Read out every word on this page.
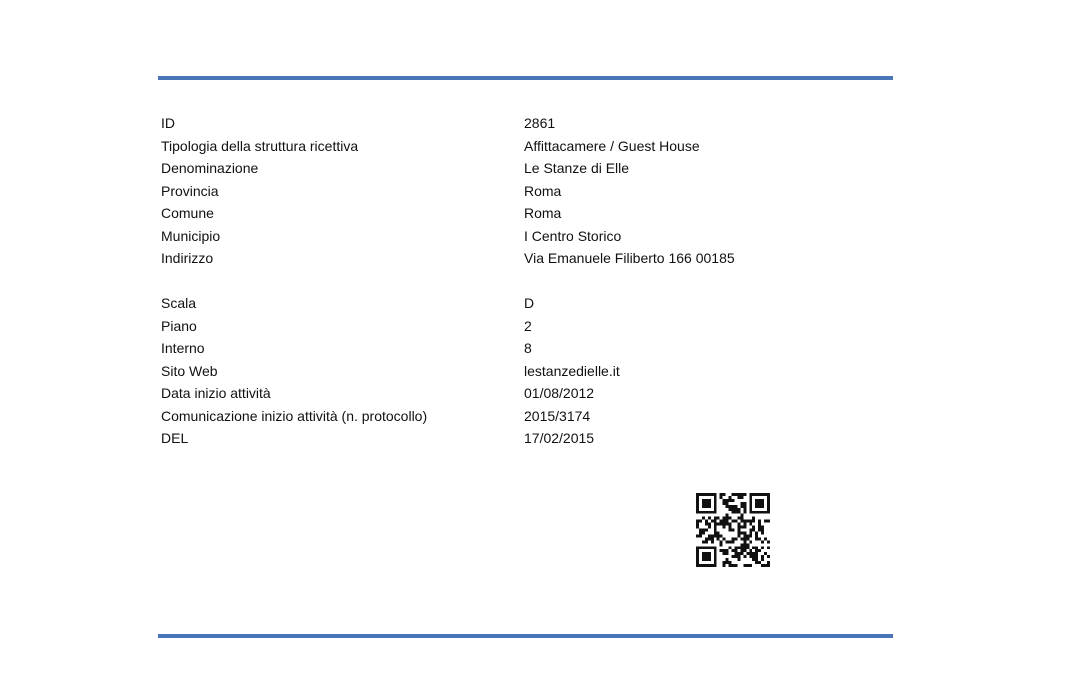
ID	2861
Tipologia della struttura ricettiva	Affittacamere / Guest House
Denominazione	Le Stanze di Elle
Provincia	Roma
Comune	Roma
Municipio	I Centro Storico
Indirizzo	Via Emanuele Filiberto 166 00185
Scala	D
Piano	2
Interno	8
Sito Web	lestanzedielle.it
Data inizio attività	01/08/2012
Comunicazione inizio attività (n. protocollo)	2015/3174
DEL	17/02/2015
